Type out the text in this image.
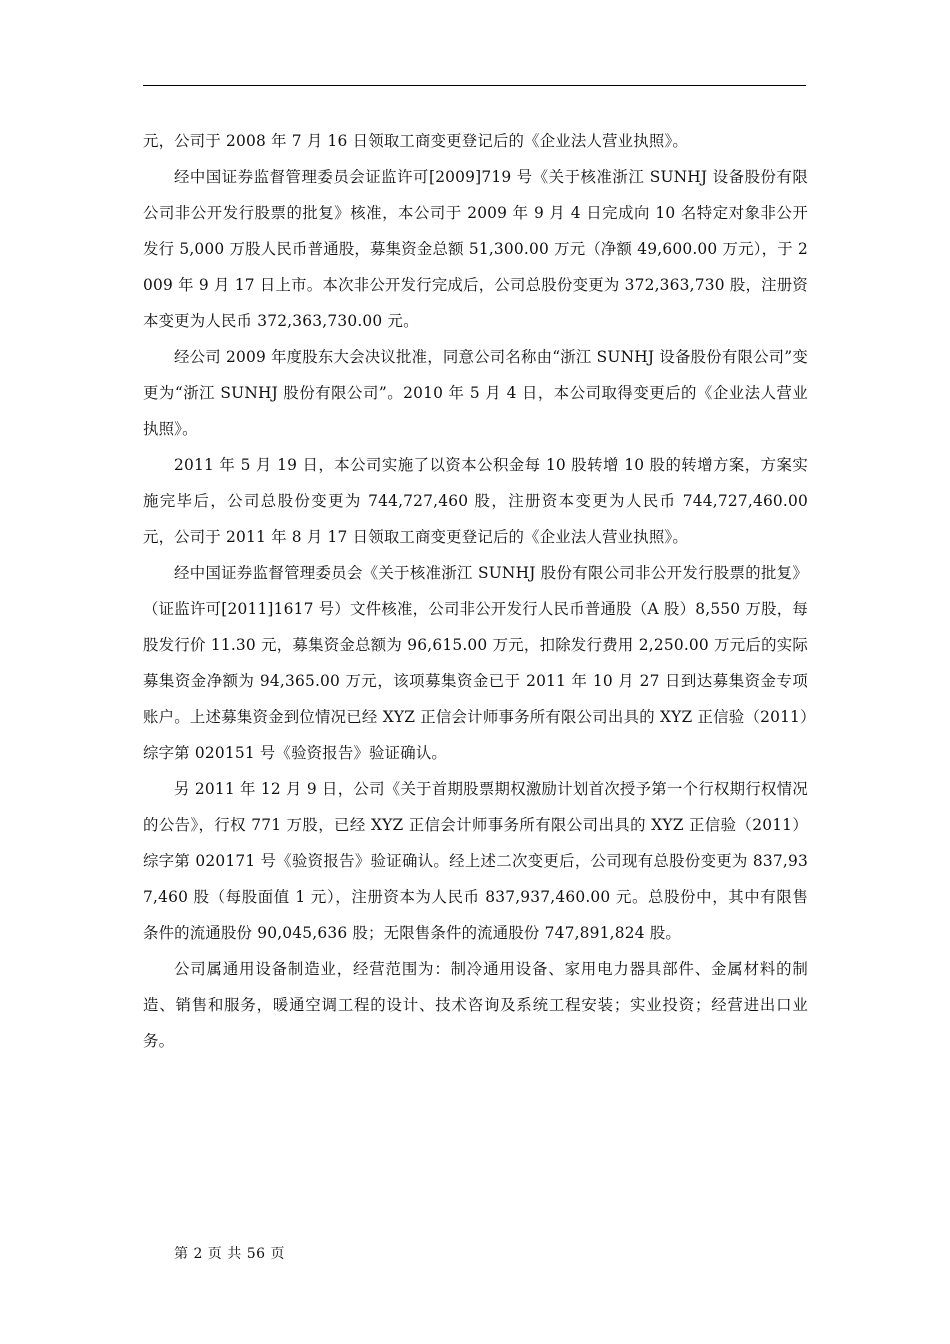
元，公司于 2008 年 7 月 16 日领取工商变更登记后的《企业法人营业执照》。

经中国证券监督管理委员会证监许可[2009]719 号《关于核准浙江 SUNHJ 设备股份有限公司非公开发行股票的批复》核准，本公司于 2009 年 9 月 4 日完成向 10 名特定对象非公开发行 5,000 万股人民币普通股，募集资金总额 51,300.00 万元（净额 49,600.00 万元），于 2009 年 9 月 17 日上市。本次非公开发行完成后，公司总股份变更为 372,363,730 股，注册资本变更为人民币 372,363,730.00 元。

经公司 2009 年度股东大会决议批准，同意公司名称由“浙江 SUNHJ 设备股份有限公司”变更为“浙江 SUNHJ 股份有限公司”。2010 年 5 月 4 日，本公司取得变更后的《企业法人营业执照》。

2011 年 5 月 19 日，本公司实施了以资本公积金每 10 股转增 10 股的转增方案，方案实施完毕后，公司总股份变更为 744,727,460 股，注册资本变更为人民币 744,727,460.00 元，公司于 2011 年 8 月 17 日领取工商变更登记后的《企业法人营业执照》。

经中国证券监督管理委员会《关于核准浙江 SUNHJ 股份有限公司非公开发行股票的批复》（证监许可[2011]1617 号）文件核准，公司非公开发行人民币普通股（A 股）8,550 万股，每股发行价 11.30 元，募集资金总额为 96,615.00 万元，扣除发行费用 2,250.00 万元后的实际募集资金净额为 94,365.00 万元，该项募集资金已于 2011 年 10 月 27 日到达募集资金专项账户。上述募集资金到位情况已经 XYZ 正信会计师事务所有限公司出具的 XYZ 正信验（2011）综字第 020151 号《验资报告》验证确认。

另 2011 年 12 月 9 日，公司《关于首期股票期权激励计划首次授予第一个行权期行权情况的公告》，行权 771 万股，已经 XYZ 正信会计师事务所有限公司出具的 XYZ 正信验（2011）综字第 020171 号《验资报告》验证确认。经上述二次变更后，公司现有总股份变更为 837,937,460 股（每股面值 1 元），注册资本为人民币 837,937,460.00 元。总股份中，其中有限售条件的流通股份 90,045,636 股；无限售条件的流通股份 747,891,824 股。

公司属通用设备制造业，经营范围为：制冷通用设备、家用电力器具部件、金属材料的制造、销售和服务，暖通空调工程的设计、技术咨询及系统工程安装；实业投资；经营进出口业务。

第 2 页 共 56 页
